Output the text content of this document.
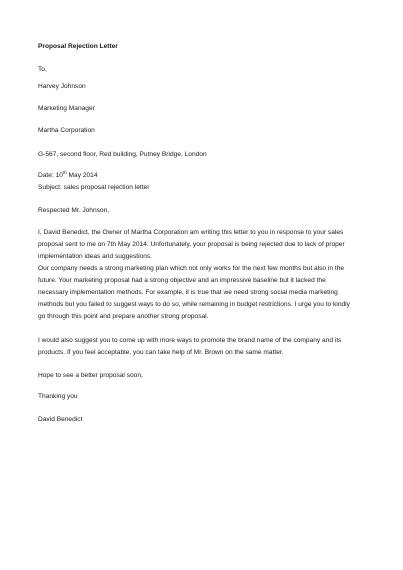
Proposal Rejection Letter
To,
Harvey Johnson
Marketing Manager
Martha Corporation
G-567, second floor, Red building, Putney Bridge, London
Date: 10th May 2014
Subject: sales proposal rejection letter
Respected Mr. Johnson,
I, David Benedict, the Owner of Martha Corporation am writing this letter to you in response to your sales
proposal sent to me on 7th May 2014. Unfortunately, your proposal is being rejected due to lack of proper
implementation ideas and suggestions.
Our company needs a strong marketing plan which not only works for the next few months but also in the
future. Your marketing proposal had a strong objective and an impressive baseline but it lacked the
necessary implementation methods. For example, it is true that we need strong social media marketing
methods but you failed to suggest ways to do so, while remaining in budget restrictions. I urge you to kindly
go through this point and prepare another strong proposal.
I would also suggest you to come up with more ways to promote the brand name of the company and its
products. If you feel acceptable, you can take help of Mr. Brown on the same matter.
Hope to see a better proposal soon,
Thanking you
David Benedict
